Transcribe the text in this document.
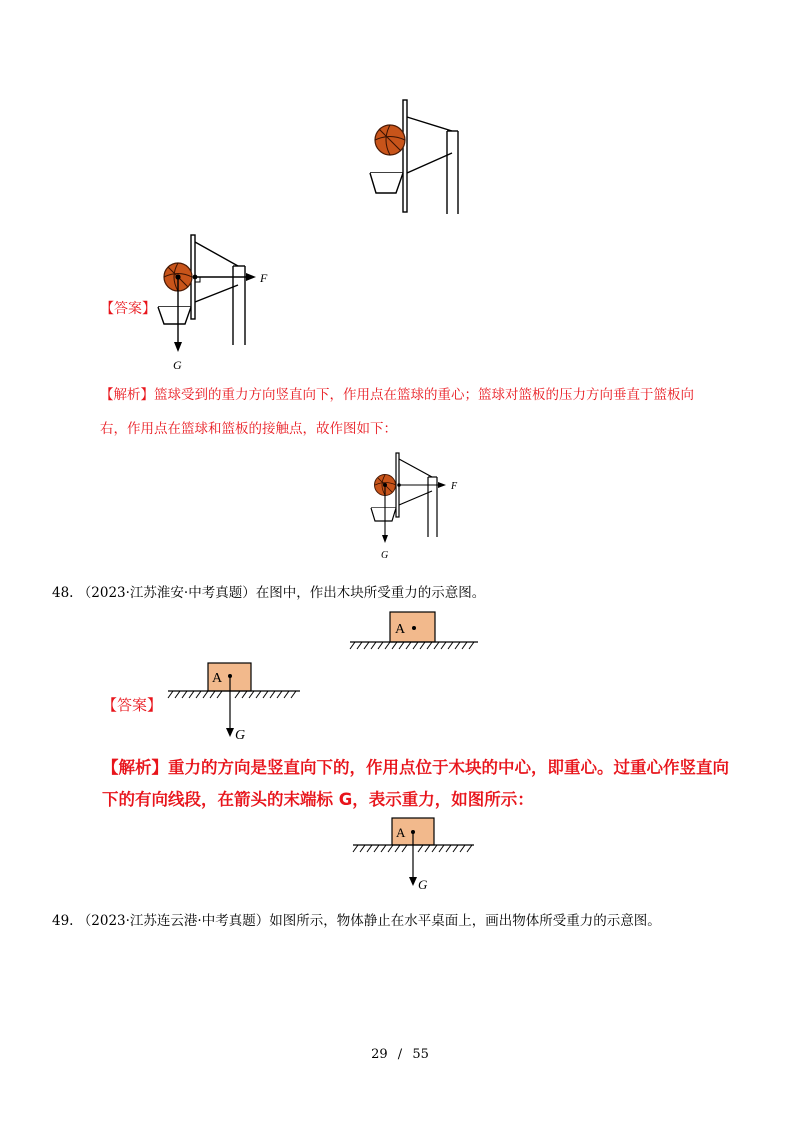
【答案】
F
G
【解析】篮球受到的重力方向竖直向下，作用点在篮球的重心；篮球对篮板的压力方向垂直于篮板向
右，作用点在篮球和篮板的接触点，故作图如下：
F
G
48. （2023·江苏淮安·中考真题）在图中，作出木块所受重力的示意图。
A
【答案】
A
G
【解析】重力的方向是竖直向下的，作用点位于木块的中心，即重心。过重心作竖直向
下的有向线段，在箭头的末端标 G，表示重力，如图所示：
A
G
49. （2023·江苏连云港·中考真题）如图所示，物体静止在水平桌面上，画出物体所受重力的示意图。
29 / 55
